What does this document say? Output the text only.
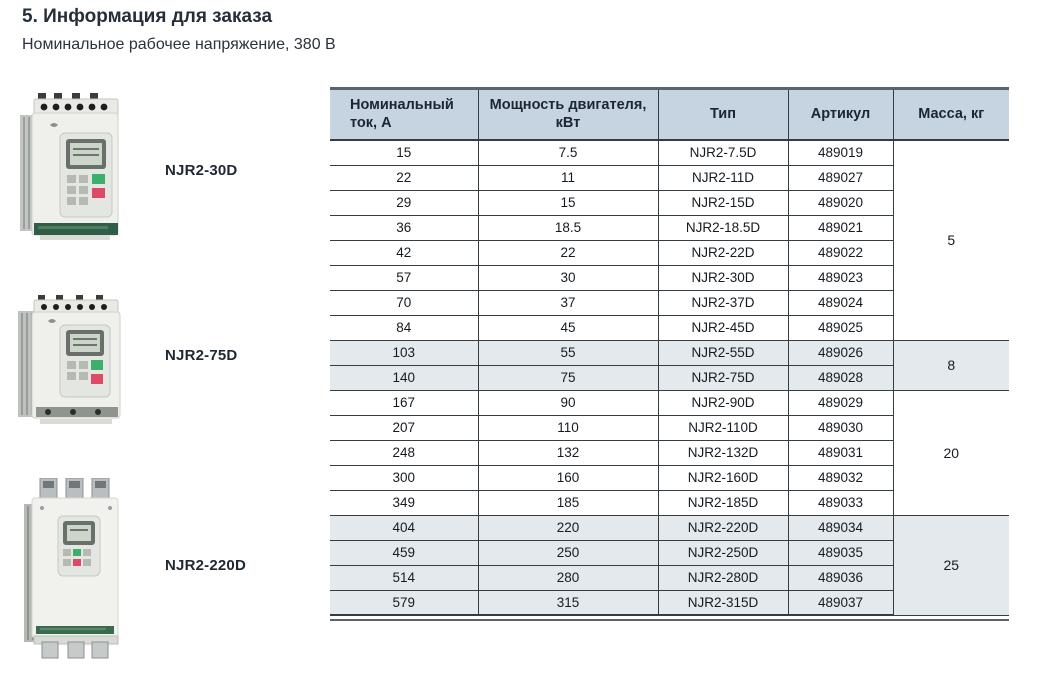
5. Информация для заказа
Номинальное рабочее напряжение, 380 В
NJR2-30D
NJR2-75D
NJR2-220D
Номинальный ток, А	Мощность двигателя, кВт	Тип	Артикул	Масса, кг
15	7.5	NJR2-7.5D	489019	5
22	11	NJR2-11D	489027	
29	15	NJR2-15D	489020	
36	18.5	NJR2-18.5D	489021	
42	22	NJR2-22D	489022	
57	30	NJR2-30D	489023	
70	37	NJR2-37D	489024	
84	45	NJR2-45D	489025	
103	55	NJR2-55D	489026	8
140	75	NJR2-75D	489028	
167	90	NJR2-90D	489029	20
207	110	NJR2-110D	489030	
248	132	NJR2-132D	489031	
300	160	NJR2-160D	489032	
349	185	NJR2-185D	489033	
404	220	NJR2-220D	489034	25
459	250	NJR2-250D	489035	
514	280	NJR2-280D	489036	
579	315	NJR2-315D	489037	
